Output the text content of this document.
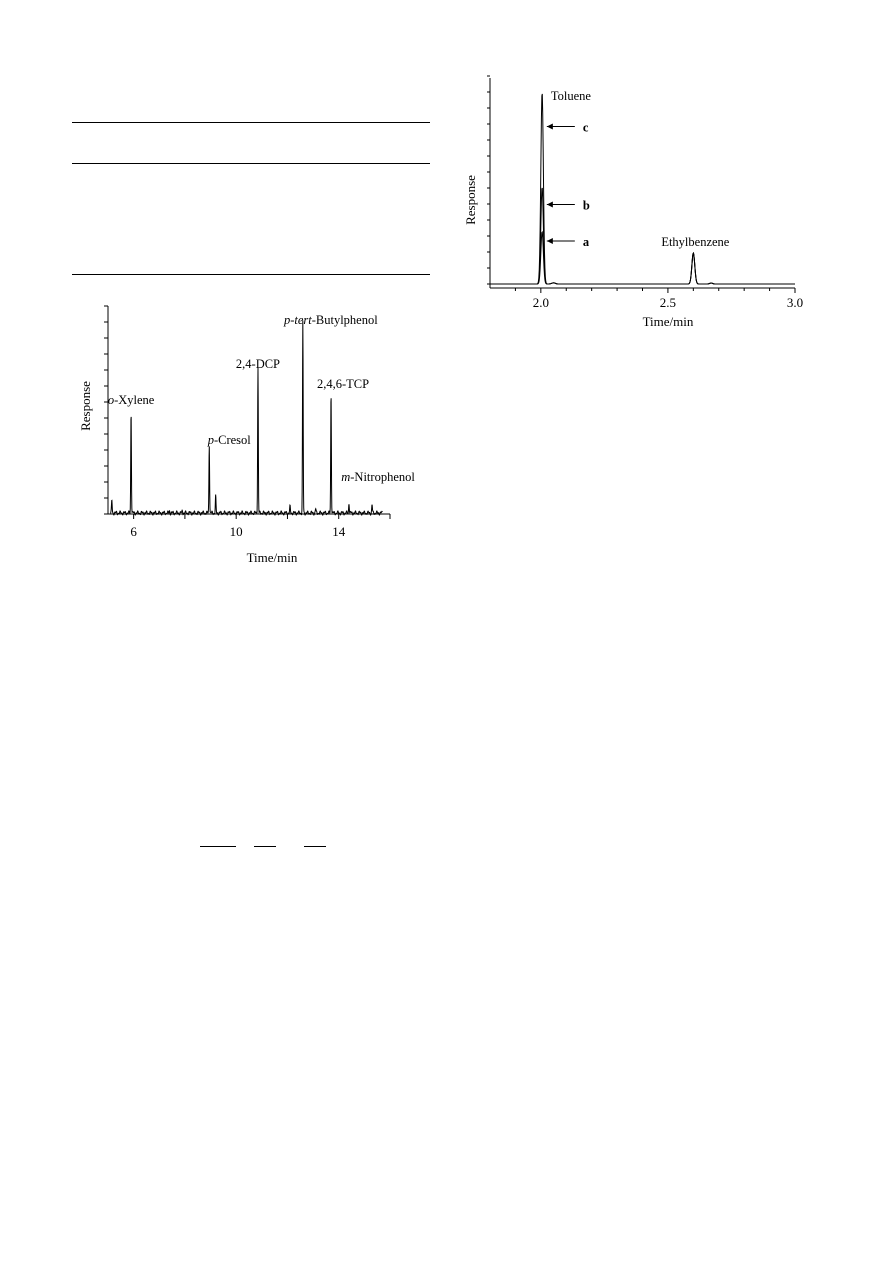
6	10	14
o-Xylene
p-Cresol
2,4-DCP
p-tert-Butylphenol
2,4,6-TCP
m-Nitrophenol
Time/min
Response
2.0	2.5	3.0
a
b
c
Toluene
Ethylbenzene
Time/min
Response
